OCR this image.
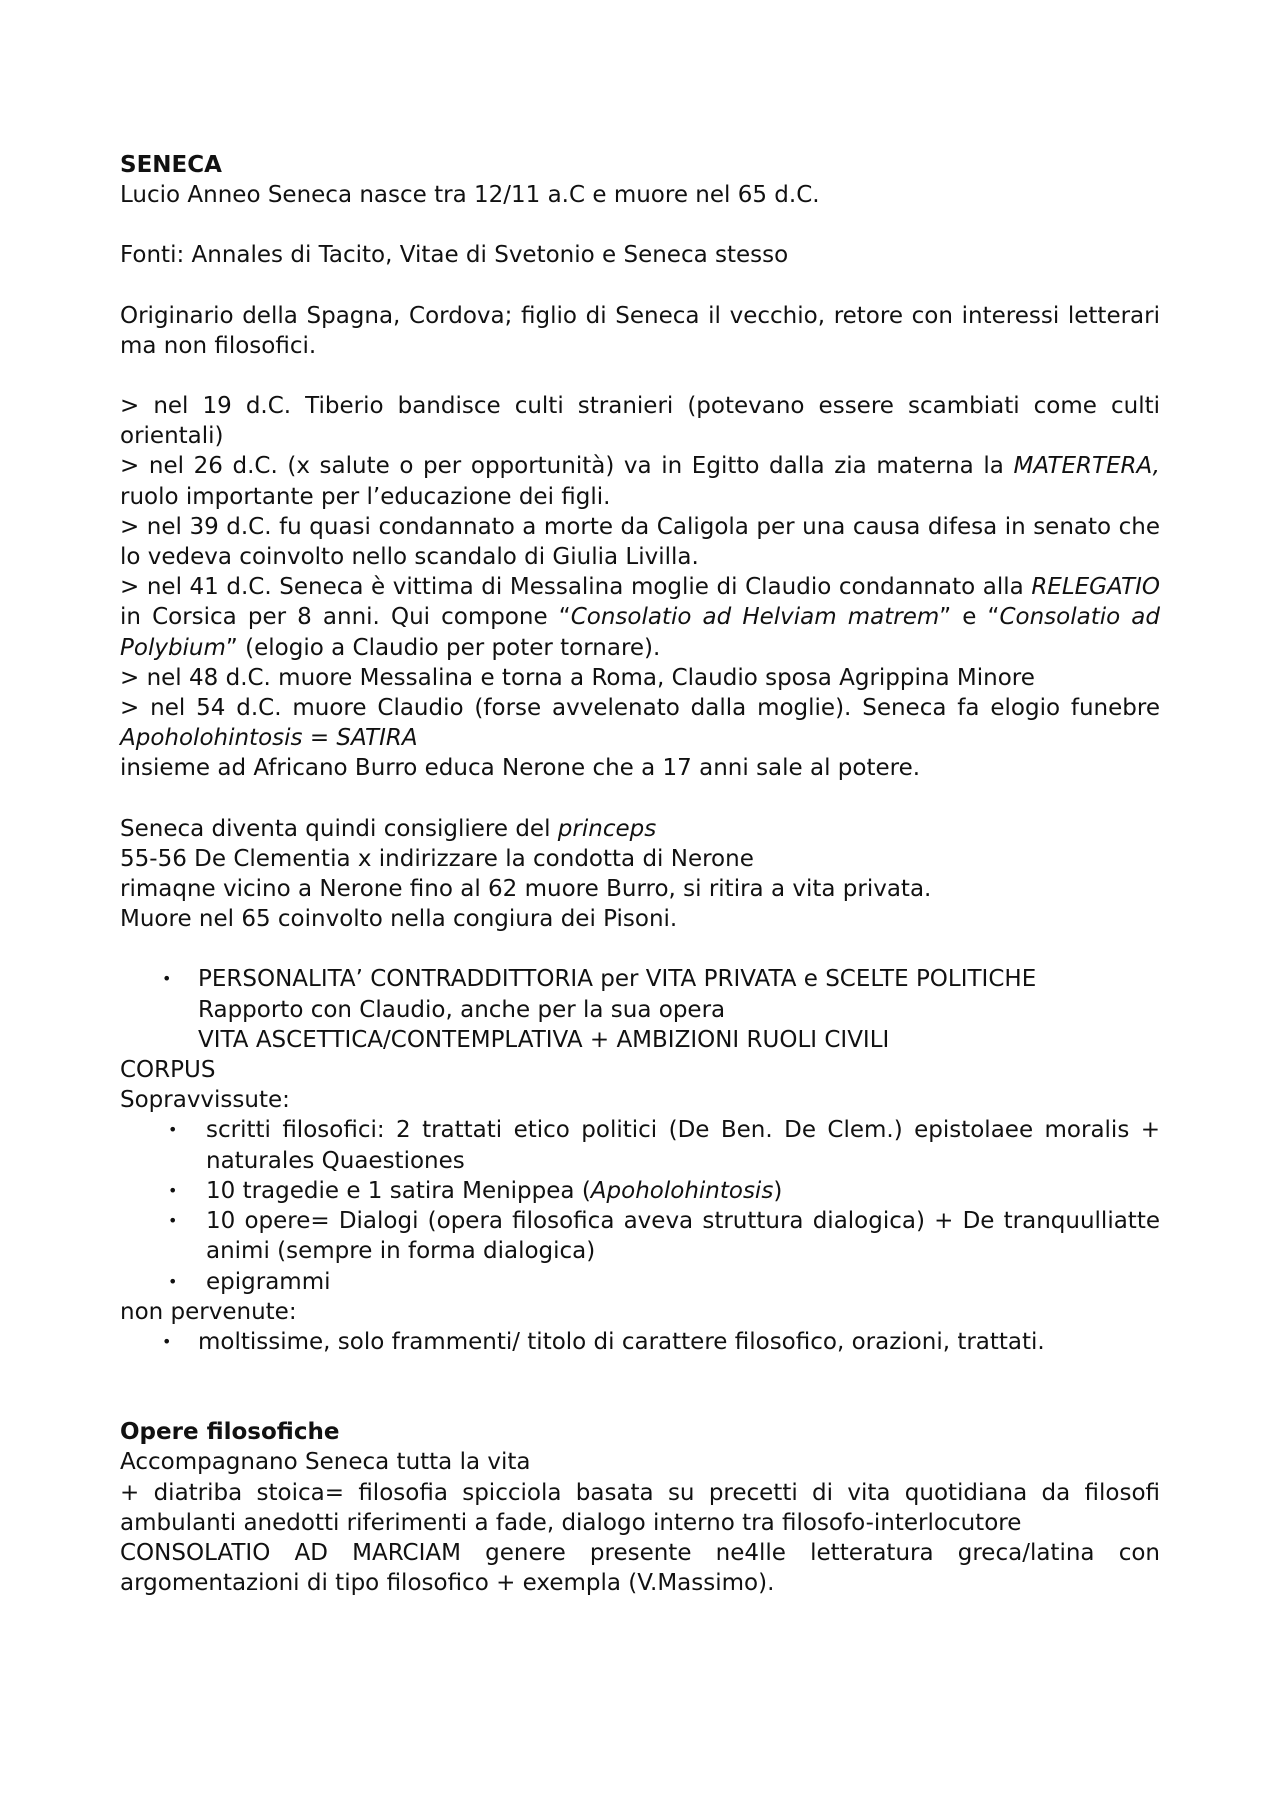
SENECA

Lucio Anneo Seneca nasce tra 12/11 a.C e muore nel 65 d.C.

Fonti: Annales di Tacito, Vitae di Svetonio e Seneca stesso

Originario della Spagna, Cordova; figlio di Seneca il vecchio, retore con interessi letterari ma non filosofici.

> nel 19 d.C. Tiberio bandisce culti stranieri (potevano essere scambiati come culti orientali)

> nel 26 d.C. (x salute o per opportunità) va in Egitto dalla zia materna la MATERTERA, ruolo importante per l’educazione dei figli.

> nel 39 d.C. fu quasi condannato a morte da Caligola per una causa difesa in senato che lo vedeva coinvolto nello scandalo di Giulia Livilla.

> nel 41 d.C. Seneca è vittima di Messalina moglie di Claudio condannato alla RELEGATIO in Corsica per 8 anni. Qui compone “Consolatio ad Helviam matrem” e “Consolatio ad Polybium” (elogio a Claudio per poter tornare).

> nel 48 d.C. muore Messalina e torna a Roma, Claudio sposa Agrippina Minore

> nel 54 d.C. muore Claudio (forse avvelenato dalla moglie). Seneca fa elogio funebre Apoholohintosis = SATIRA

insieme ad Africano Burro educa Nerone che a 17 anni sale al potere.

Seneca diventa quindi consigliere del princeps

55-56 De Clementia x indirizzare la condotta di Nerone

rimaqne vicino a Nerone fino al 62 muore Burro, si ritira a vita privata.

Muore nel 65 coinvolto nella congiura dei Pisoni.

• PERSONALITA’ CONTRADDITTORIA per VITA PRIVATA e SCELTE POLITICHE

Rapporto con Claudio, anche per la sua opera

VITA ASCETTICA/CONTEMPLATIVA + AMBIZIONI RUOLI CIVILI

CORPUS

Sopravvissute:

• scritti filosofici: 2 trattati etico politici (De Ben. De Clem.) epistolaee moralis + naturales Quaestiones
• 10 tragedie e 1 satira Menippea (Apoholohintosis)
• 10 opere= Dialogi (opera filosofica aveva struttura dialogica) + De tranquulliatte animi (sempre in forma dialogica)
• epigrammi

non pervenute:

• moltissime, solo frammenti/ titolo di carattere filosofico, orazioni, trattati.

Opere filosofiche

Accompagnano Seneca tutta la vita

+ diatriba stoica= filosofia spicciola basata su precetti di vita quotidiana da filosofi ambulanti anedotti riferimenti a fade, dialogo interno tra filosofo-interlocutore

CONSOLATIO AD MARCIAM genere presente ne4lle letteratura greca/latina con argomentazioni di tipo filosofico + exempla (V.Massimo).
